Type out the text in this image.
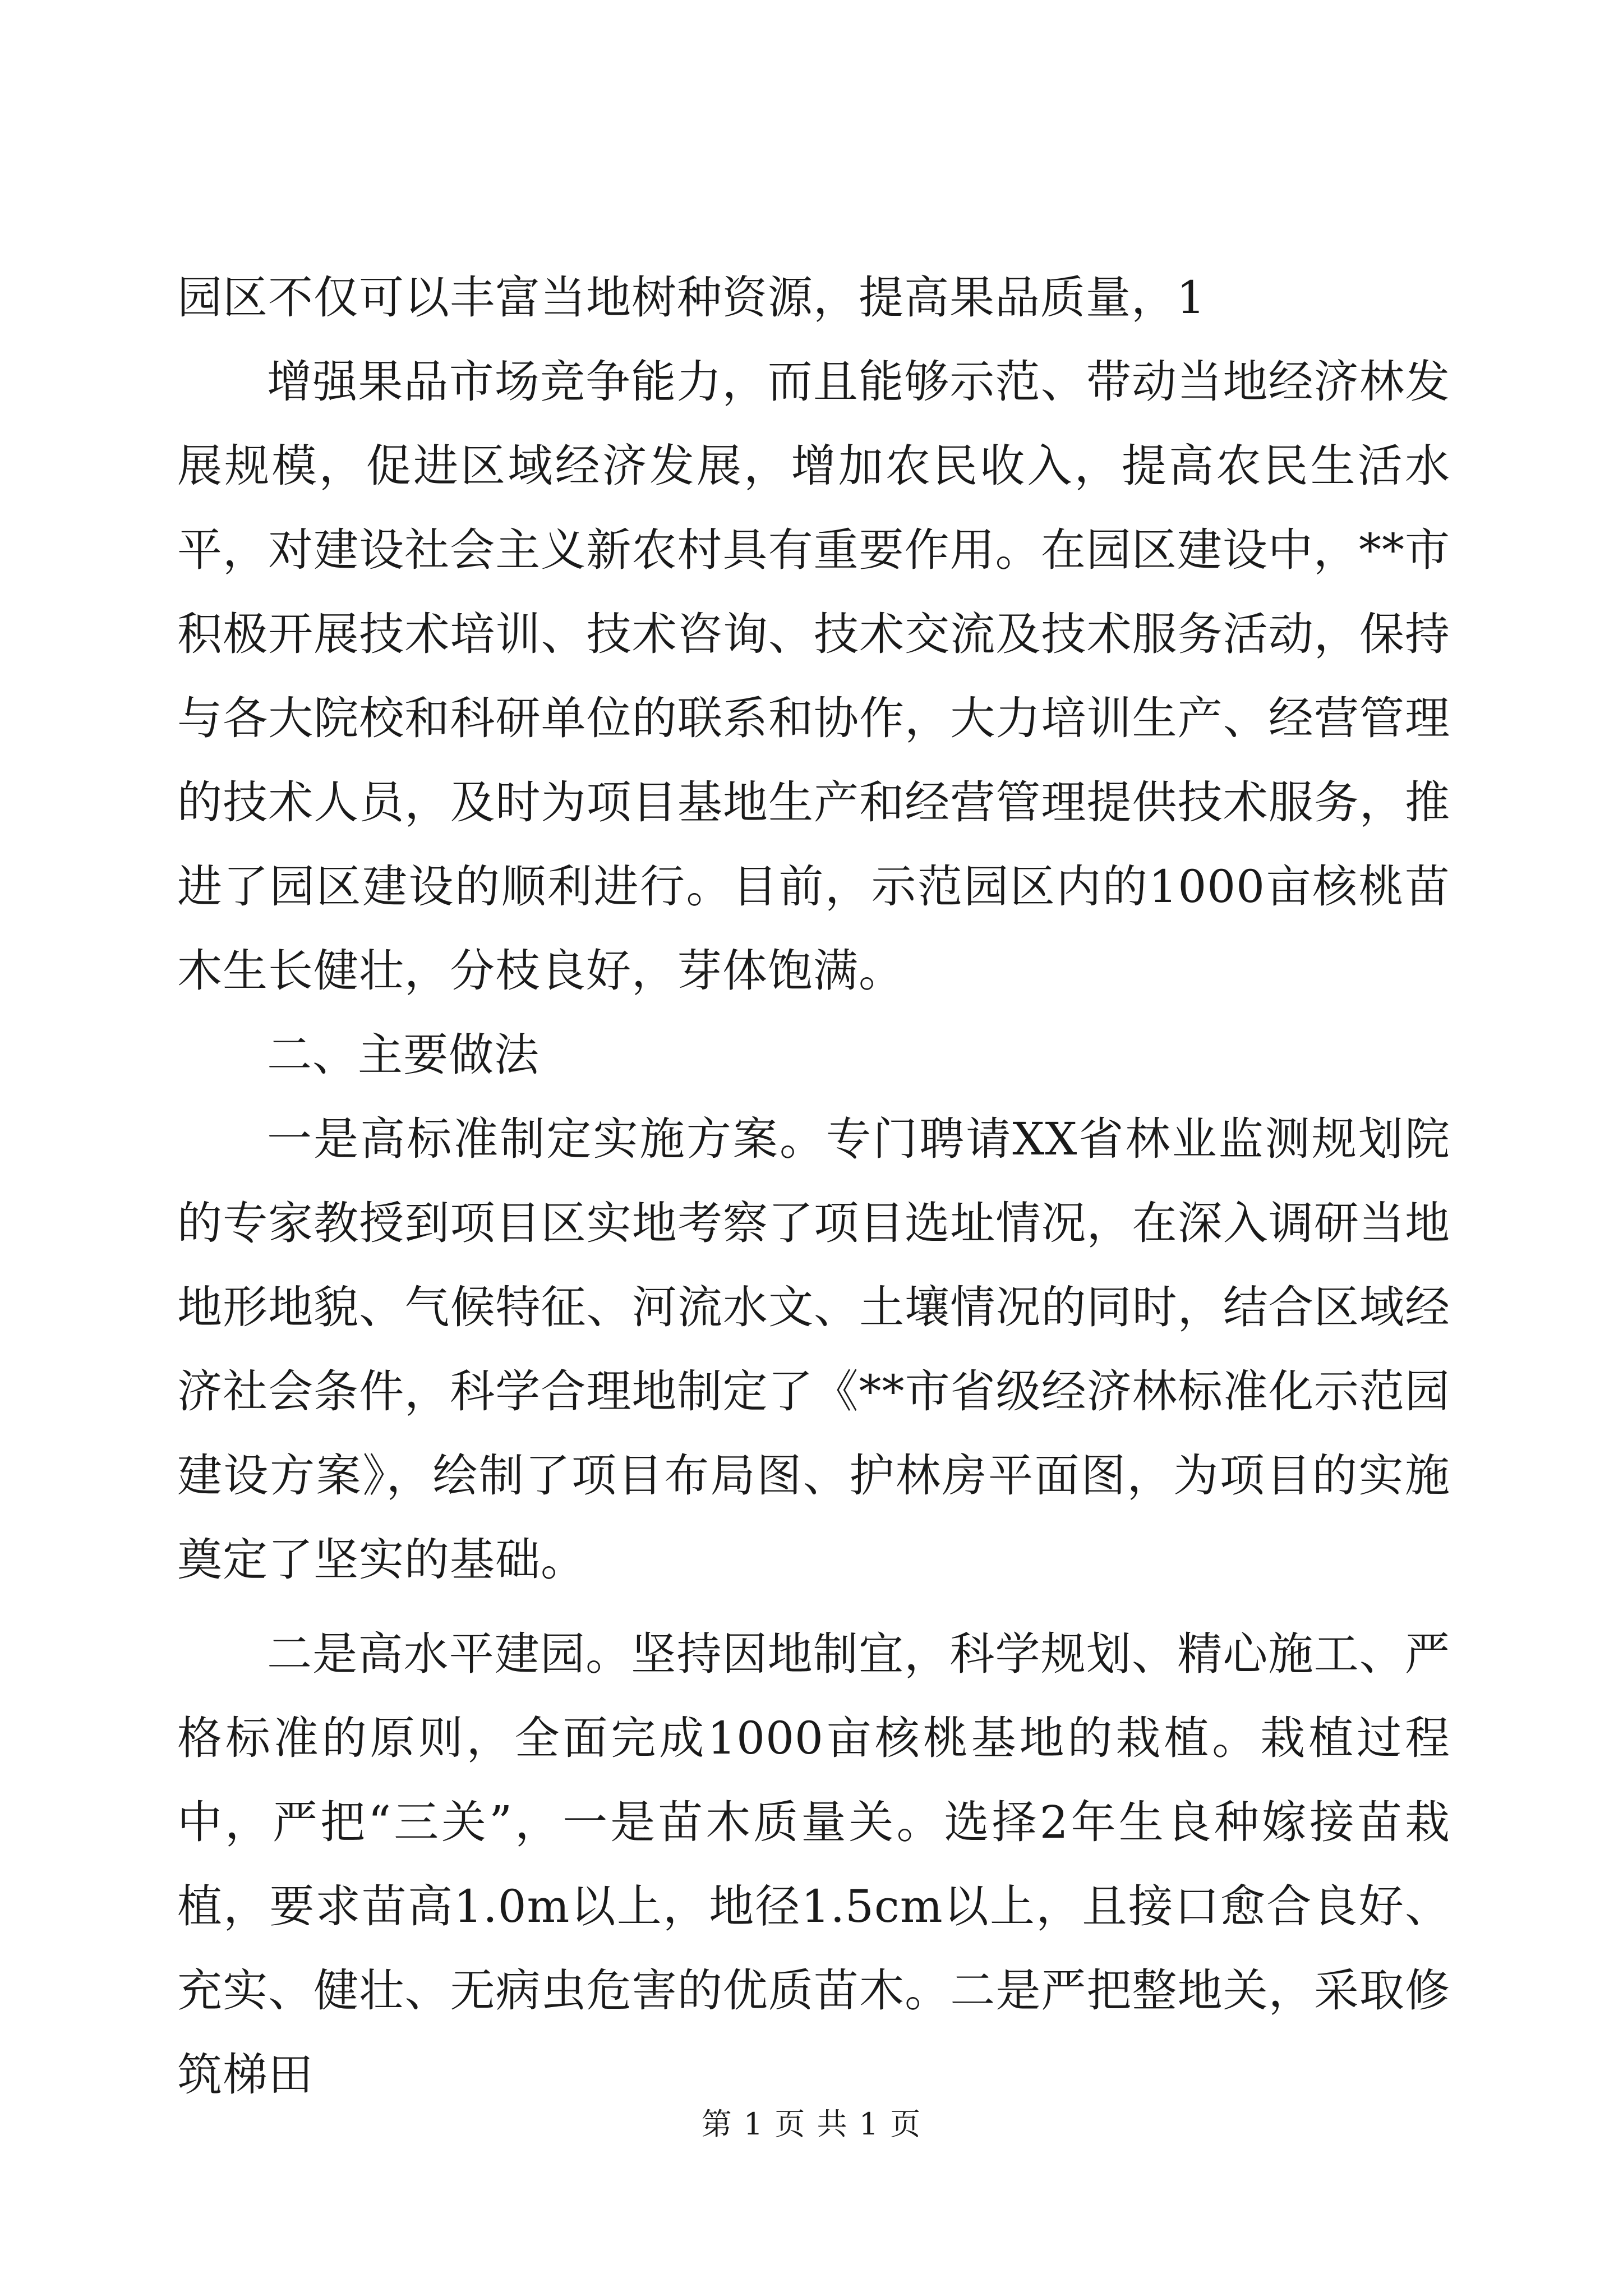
园区不仅可以丰富当地树种资源，提高果品质量，1

增强果品市场竞争能力，而且能够示范、带动当地经济林发展规模，促进区域经济发展，增加农民收入，提高农民生活水平，对建设社会主义新农村具有重要作用。在园区建设中，**市积极开展技术培训、技术咨询、技术交流及技术服务活动，保持与各大院校和科研单位的联系和协作，大力培训生产、经营管理的技术人员，及时为项目基地生产和经营管理提供技术服务，推进了园区建设的顺利进行。目前，示范园区内的1000亩核桃苗木生长健壮，分枝良好，芽体饱满。

二、主要做法

一是高标准制定实施方案。专门聘请XX省林业监测规划院的专家教授到项目区实地考察了项目选址情况，在深入调研当地地形地貌、气候特征、河流水文、土壤情况的同时，结合区域经济社会条件，科学合理地制定了《**市省级经济林标准化示范园建设方案》，绘制了项目布局图、护林房平面图，为项目的实施奠定了坚实的基础。

二是高水平建园。坚持因地制宜，科学规划、精心施工、严格标准的原则，全面完成1000亩核桃基地的栽植。栽植过程中，严把“三关”，一是苗木质量关。选择2年生良种嫁接苗栽植，要求苗高1.0m以上，地径1.5cm以上，且接口愈合良好、充实、健壮、无病虫危害的优质苗木。二是严把整地关，采取修筑梯田

第 1 页 共 1 页
